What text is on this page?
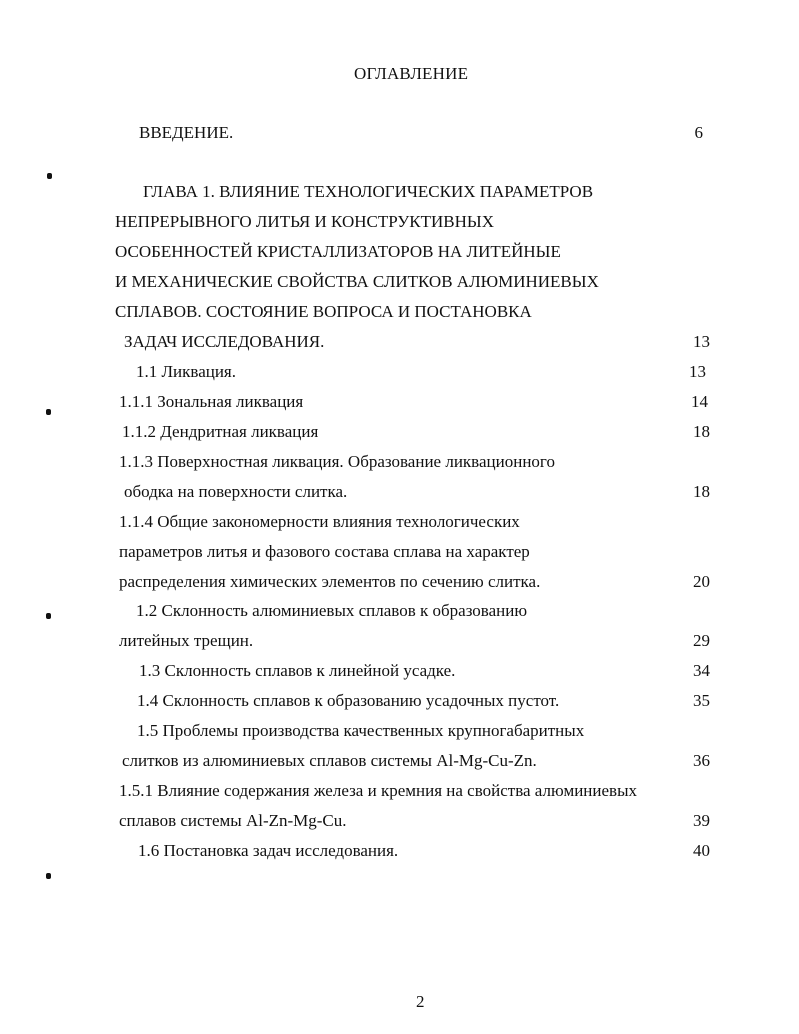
ОГЛАВЛЕНИЕ
ВВЕДЕНИЕ.	6
ГЛАВА 1. ВЛИЯНИЕ ТЕХНОЛОГИЧЕСКИХ ПАРАМЕТРОВ
НЕПРЕРЫВНОГО ЛИТЬЯ И КОНСТРУКТИВНЫХ
ОСОБЕННОСТЕЙ КРИСТАЛЛИЗАТОРОВ НА ЛИТЕЙНЫЕ
И МЕХАНИЧЕСКИЕ СВОЙСТВА СЛИТКОВ АЛЮМИНИЕВЫХ
СПЛАВОВ. СОСТОЯНИЕ ВОПРОСА И ПОСТАНОВКА
ЗАДАЧ ИССЛЕДОВАНИЯ.	13
1.1 Ликвация.	13
1.1.1 Зональная ликвация	14
1.1.2 Дендритная ликвация	18
1.1.3 Поверхностная ликвация. Образование ликвационного
ободка на поверхности слитка.	18
1.1.4 Общие закономерности влияния технологических
параметров литья и фазового состава сплава на характер
распределения химических элементов по сечению слитка.	20
1.2 Склонность алюминиевых сплавов к образованию
литейных трещин.	29
1.3 Склонность сплавов к линейной усадке.	34
1.4 Склонность сплавов к образованию усадочных пустот.	35
1.5 Проблемы производства качественных крупногабаритных
слитков из алюминиевых сплавов системы Al-Mg-Cu-Zn.	36
1.5.1 Влияние содержания железа и кремния на свойства алюминиевых
сплавов системы Al-Zn-Mg-Cu.	39
1.6 Постановка задач исследования.	40
2
